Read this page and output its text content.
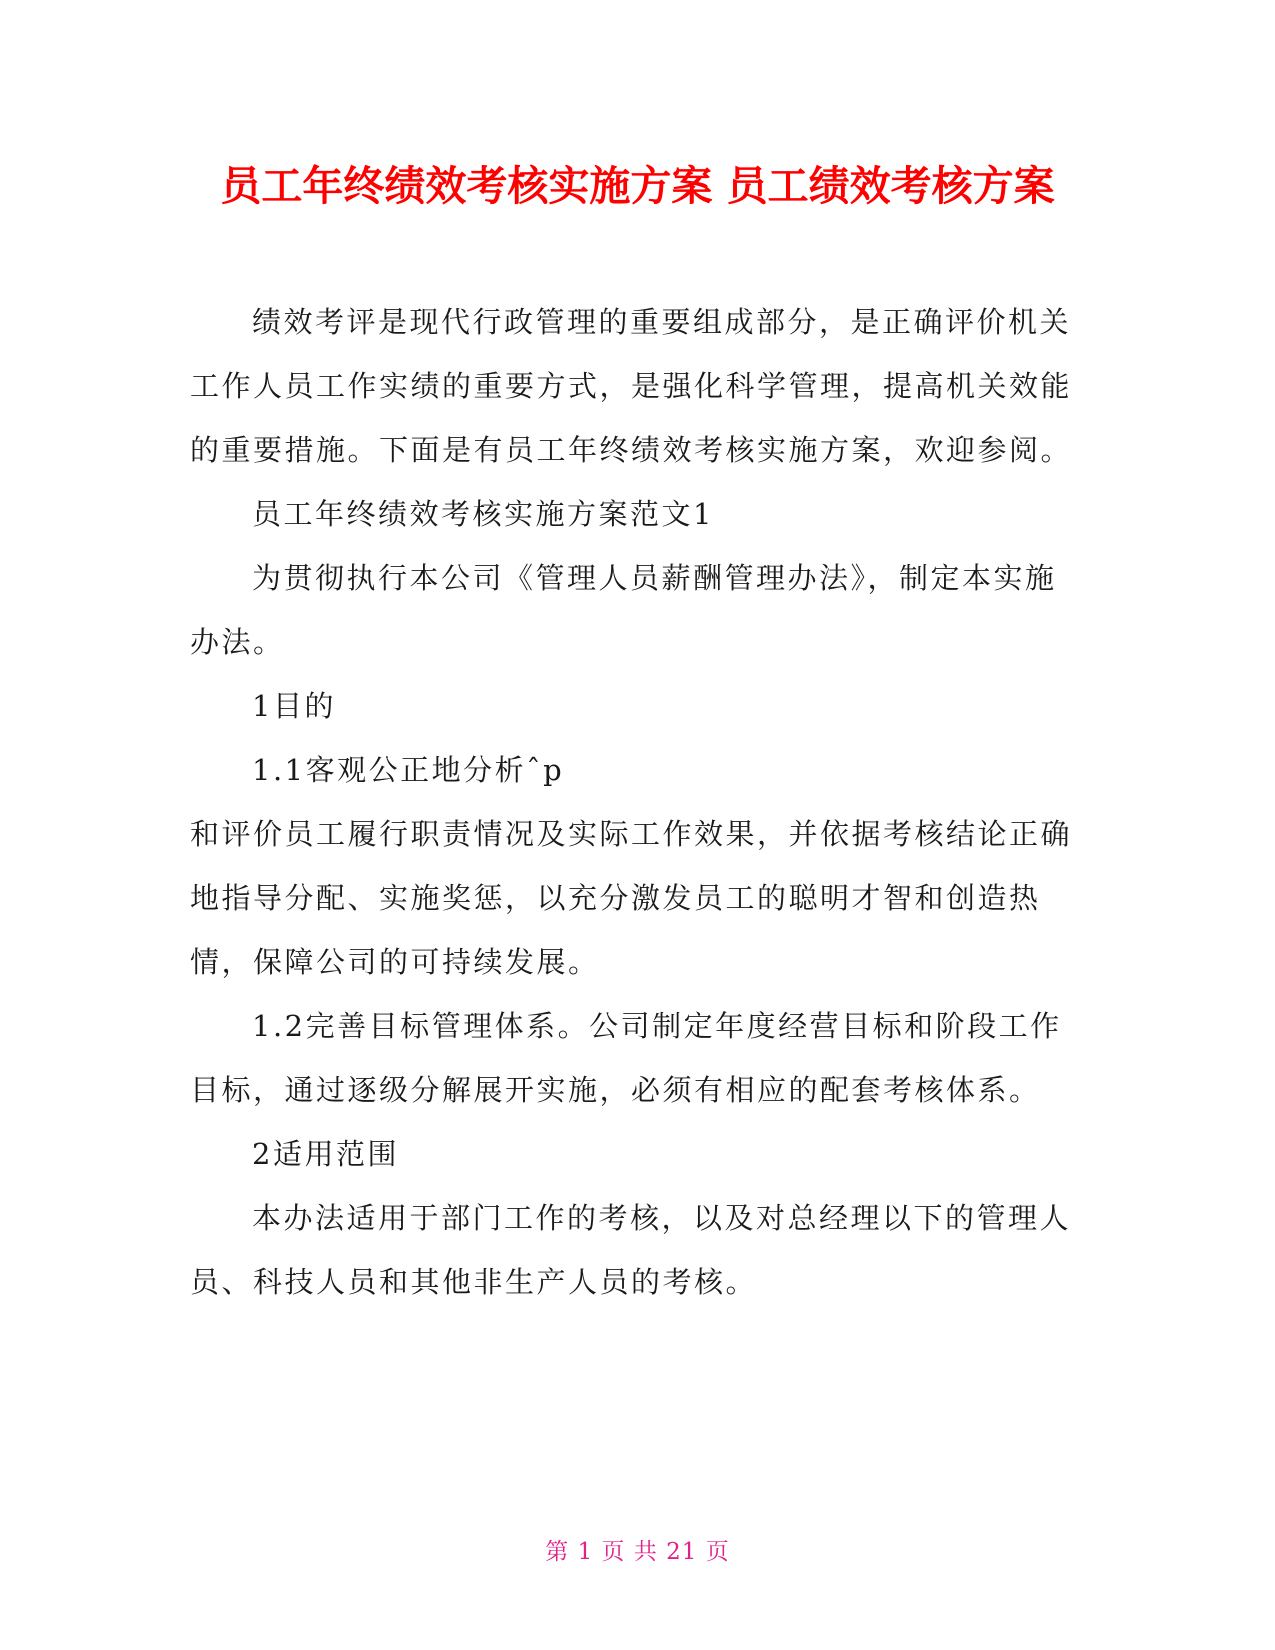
员工年终绩效考核实施方案 员工绩效考核方案

绩效考评是现代行政管理的重要组成部分，是正确评价机关工作人员工作实绩的重要方式，是强化科学管理，提高机关效能的重要措施。下面是有员工年终绩效考核实施方案，欢迎参阅。

员工年终绩效考核实施方案范文1

为贯彻执行本公司《管理人员薪酬管理办法》，制定本实施办法。

1目的

1.1客观公正地分析ˆp

和评价员工履行职责情况及实际工作效果，并依据考核结论正确地指导分配、实施奖惩，以充分激发员工的聪明才智和创造热情，保障公司的可持续发展。

1.2完善目标管理体系。公司制定年度经营目标和阶段工作目标，通过逐级分解展开实施，必须有相应的配套考核体系。

2适用范围

本办法适用于部门工作的考核，以及对总经理以下的管理人员、科技人员和其他非生产人员的考核。

第 1 页 共 21 页
